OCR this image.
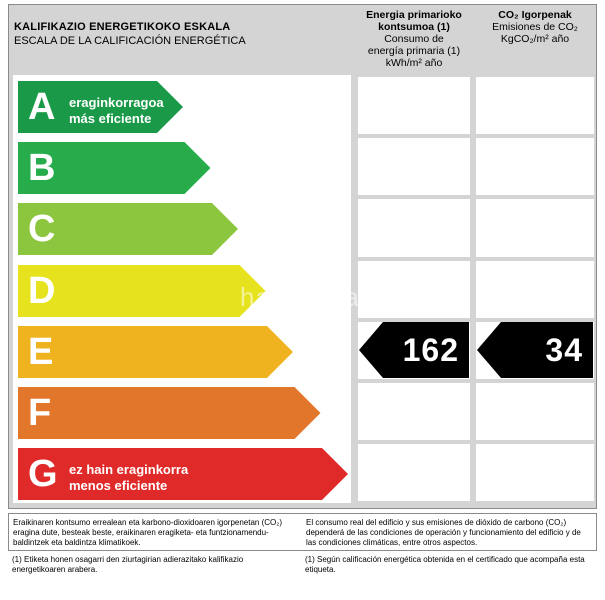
KALIFIKAZIO ENERGETIKOKO ESKALA
ESCALA DE LA CALIFICACIÓN ENERGÉTICA
Energia primarioko
kontsumoa (1)
Consumo de
energía primaria (1)
kWh/m² año
CO₂ Igorpenak
Emisiones de CO₂
KgCO₂/m² año
A eraginkorragoa
más eficiente
B
C
D
E
F
G ez hain eraginkorra
menos eficiente
162	34
habitaclia
Eraikinaren kontsumo errealean eta karbono-dioxidoaren igorpenetan (CO₂) eragina dute, besteak beste, eraikinaren eragiketa- eta funtzionamendu-baldintzek eta baldintza klimatikoek.
El consumo real del edificio y sus emisiones de dióxido de carbono (CO₂) dependerá de las condiciones de operación y funcionamiento del edificio y de las condiciones climáticas, entre otros aspectos.
(1) Etiketa honen osagarri den ziurtagirian adierazitako kalifikazio energetikoaren arabera.
(1) Según calificación energética obtenida en el certificado que acompaña esta etiqueta.
